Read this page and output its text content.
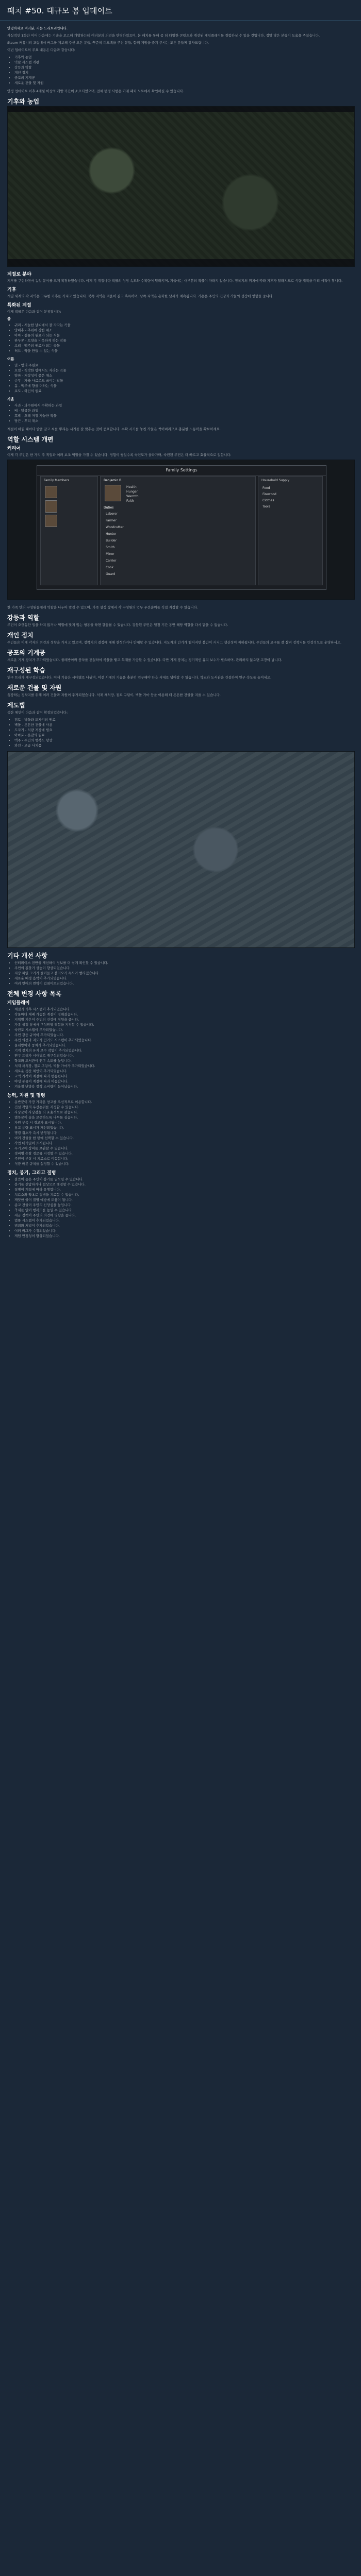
패치 #50. 대규모 봄 업데이트

안녕하세요 여러분, 저는 드리트리입니다.

사실적인 1화만 이어 다음에는 기술을 보고해 개발하는데 여러분의 의견을 반영하였으며, 본 패치를 통해 좀 더 다양한 콘텐츠와 개선된 게임플레이를 경험하실 수 있을 것입니다. 정말 많은 분들이 도움을 주셨습니다.

Steam 커뮤니티 포럼에서 버그를 제보해 주신 모든 분들, 꾸준히 피드백을 주신 분들, 함께 게임을 즐겨 주시는 모든 분들께 감사드립니다.

이번 업데이트의 주요 내용은 다음과 같습니다:

• 기후와 농업
• 역할 시스템 개편
• 강등과 역할
• 개인 정치
• 공포의 기계공
• 새로운 건물 및 자원

안정 업데이트 이후 4개월 이상의 개발 기간이 소요되었으며, 전체 변경 사항은 아래 패치 노트에서 확인하실 수 있습니다.

기후와 농업
계절로 분야

기후를 구현하면서 농업 분야를 크게 확장하였습니다. 이제 각 계절마다 작물의 성장 속도와 수확량이 달라지며, 겨울에는 대부분의 작물이 자라지 않습니다. 정착지의 위치에 따라 기후가 달라지므로 식량 계획을 미리 세워야 합니다.

기후

게임 세계의 각 지역은 고유한 기후를 가지고 있습니다. 북쪽 지역은 겨울이 길고 혹독하며, 남쪽 지역은 온화한 날씨가 계속됩니다. 기온은 주민의 건강과 작물의 성장에 영향을 줍니다.

특화된 계절

이제 작물은 다음과 같이 분류됩니다:

봄
• 귀리 - 서늘한 날씨에서 잘 자라는 곡물
• 양배추 - 추위에 강한 채소
• 아마 - 섬유의 원료가 되는 식물
• 완두콩 - 토양을 비옥하게 하는 작물
• 보리 - 맥주의 원료가 되는 곡물
• 허브 - 약을 만들 수 있는 식물
여름
• 밀 - 빵의 주원료
• 호밀 - 척박한 땅에서도 자라는 곡물
• 양파 - 저장성이 좋은 채소
• 순무 - 가축 사료로도 쓰이는 작물
• 홉 - 맥주에 향을 더하는 식물
• 포도 - 와인의 원료
가을
• 사과 - 과수원에서 수확하는 과일
• 배 - 달콤한 과일
• 호박 - 오래 저장 가능한 작물
• 당근 - 뿌리 채소

계절이 바뀔 때마다 밭을 갈고 씨를 뿌리는 시기를 잘 맞추는 것이 중요합니다. 수확 시기를 놓친 작물은 썩어버리므로 충분한 노동력을 확보하세요.

역할 시스템 개편
커리어

이제 각 주민은 한 가지 주 직업과 여러 보조 역할을 가질 수 있습니다. 경험이 쌓일수록 숙련도가 올라가며, 숙련된 주민은 더 빠르고 효율적으로 일합니다.

Family Settings
Family Members	Benjamin B.
Health
Hunger
Warmth
Faith
Duties
Laborer
Farmer
Woodcutter
Hunter
Builder
Smith
Miner
Carrier
Cook
Guard
Household Supply
Food
Firewood
Clothes
Tools

한 가족 안의 구성원들에게 역할을 나누어 맡길 수 있으며, 가족 설정 창에서 각 구성원의 업무 우선순위를 직접 지정할 수 있습니다.

강등과 역할

주민이 오랫동안 일을 하지 않거나 역할에 맞지 않는 행동을 하면 강등될 수 있습니다. 강등된 주민은 일정 기간 동안 해당 역할을 다시 맡을 수 없습니다.

개인 정치

주민들은 이제 각자의 의견과 성향을 가지고 있으며, 정착지의 결정에 대해 찬성하거나 반대할 수 있습니다. 지도자의 인기가 떨어지면 불만이 커지고 생산성이 저하됩니다. 주민들의 요구를 잘 살펴 정착지를 안정적으로 운영하세요.

공포의 기계공

새로운 기계 장치가 추가되었습니다. 물레방아와 풍차를 건설하여 곡물을 빻고 목재를 가공할 수 있습니다. 다만 기계 장치는 정기적인 유지 보수가 필요하며, 관리하지 않으면 고장이 납니다.

재구성된 학습

연구 트리가 재구성되었습니다. 이제 기술은 시대별로 나뉘며, 이전 시대의 기술을 충분히 연구해야 다음 시대로 넘어갈 수 있습니다. 학교와 도서관을 건설하여 연구 속도를 높이세요.

새로운 건물 및 자원

성장하는 정착지를 위해 여러 건물과 자원이 추가되었습니다. 석재 채석장, 점토 구덩이, 벽돌 가마 등을 이용해 더 튼튼한 건물을 지을 수 있습니다.

제도법

생산 체인이 다음과 같이 확장되었습니다:

• 점토 - 벽돌과 도자기의 원료
• 벽돌 - 튼튼한 건물에 사용
• 도자기 - 식량 저장에 필요
• 아마포 - 옷감의 원료
• 맥주 - 주민의 행복도 향상
• 와인 - 고급 사치품
기타 개선 사항
• 인터페이스 전반을 개선하여 정보를 더 쉽게 확인할 수 있습니다.
• 주민의 길찾기 성능이 향상되었습니다.
• 저장 파일 크기가 줄어들고 불러오기 속도가 빨라졌습니다.
• 새로운 배경 음악이 추가되었습니다.
• 여러 언어의 번역이 업데이트되었습니다.
전체 변경 사항 목록
게임플레이
• 계절과 기후 시스템이 추가되었습니다.
• 작물마다 재배 가능한 계절이 정해졌습니다.
• 지역별 기온이 주민의 건강에 영향을 줍니다.
• 가족 설정 창에서 구성원별 역할을 지정할 수 있습니다.
• 숙련도 시스템이 추가되었습니다.
• 주민 강등 규칙이 추가되었습니다.
• 주민 의견과 지도자 인기도 시스템이 추가되었습니다.
• 물레방아와 풍차가 추가되었습니다.
• 기계 장치의 유지 보수 작업이 추가되었습니다.
• 연구 트리가 시대별로 재구성되었습니다.
• 학교와 도서관이 연구 속도를 높입니다.
• 석재 채석장, 점토 구덩이, 벽돌 가마가 추가되었습니다.
• 새로운 생산 체인이 추가되었습니다.
• 교역 가격이 계절에 따라 변동됩니다.
• 야생 동물이 계절에 따라 이동합니다.
• 겨울철 난방용 장작 소비량이 늘어났습니다.
능력, 자원 및 명령
• 운반꾼이 가장 가까운 창고를 우선적으로 이용합니다.
• 건설 작업의 우선순위를 지정할 수 있습니다.
• 사냥꾼이 사냥감을 더 효율적으로 찾습니다.
• 벌목꾼이 숲을 보존하도록 나무를 심습니다.
• 자원 부족 시 경고가 표시됩니다.
• 창고 용량 표시가 개선되었습니다.
• 명령 취소가 즉시 반영됩니다.
• 여러 건물을 한 번에 선택할 수 있습니다.
• 작업 대기열이 표시됩니다.
• 무기고에 장비를 보관할 수 있습니다.
• 경비병 순찰 경로를 지정할 수 있습니다.
• 주민이 부상 시 치료소로 이동합니다.
• 식량 배분 규칙을 설정할 수 있습니다.
정치, 봉기, 그리고 질병
• 불만이 높은 주민이 봉기를 일으킬 수 있습니다.
• 봉기를 진압하거나 협상으로 해결할 수 있습니다.
• 질병이 계절에 따라 유행합니다.
• 치료소와 약초로 질병을 치료할 수 있습니다.
• 깨끗한 물이 질병 예방에 도움이 됩니다.
• 종교 건물이 주민의 신앙심을 높입니다.
• 축제를 열어 행복도를 높일 수 있습니다.
• 세금 정책이 주민의 의견에 영향을 줍니다.
• 법률 시스템이 추가되었습니다.
• 범죄와 처벌이 추가되었습니다.
• 여러 버그가 수정되었습니다.
• 게임 안정성이 향상되었습니다.
